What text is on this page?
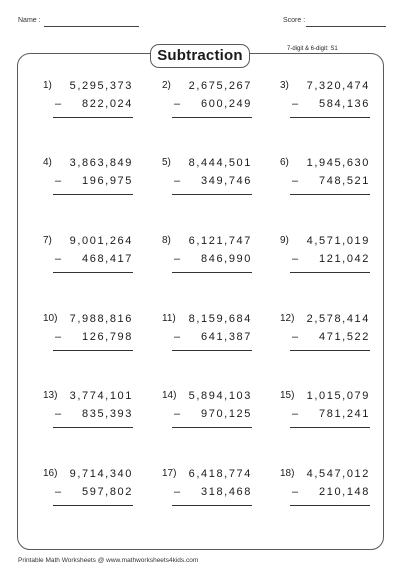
Name :	Score :
Subtraction	7-digit & 6-digit: S1
1) 5,295,373
– 822,024
2) 2,675,267
– 600,249
3) 7,320,474
– 584,136
4) 3,863,849
– 196,975
5) 8,444,501
– 349,746
6) 1,945,630
– 748,521
7) 9,001,264
– 468,417
8) 6,121,747
– 846,990
9) 4,571,019
– 121,042
10) 7,988,816
– 126,798
11) 8,159,684
– 641,387
12) 2,578,414
– 471,522
13) 3,774,101
– 835,393
14) 5,894,103
– 970,125
15) 1,015,079
– 781,241
16) 9,714,340
– 597,802
17) 6,418,774
– 318,468
18) 4,547,012
– 210,148
Printable Math Worksheets @ www.mathworksheets4kids.com
